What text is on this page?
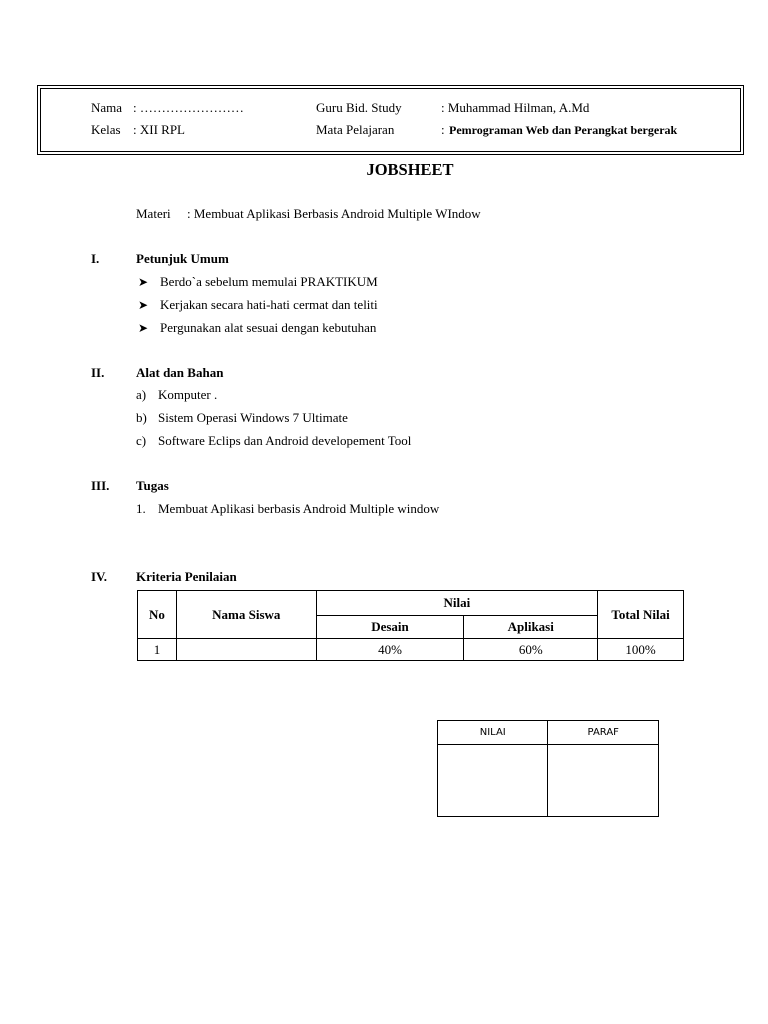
Nama : ……………………	Guru Bid. Study	: Muhammad Hilman, A.Md
Kelas : XII RPL	Mata Pelajaran	: Pemrograman Web dan Perangkat bergerak
JOBSHEET
Materi : Membuat Aplikasi Berbasis Android Multiple WIndow
I.	Petunjuk Umum
➤ Berdo`a sebelum memulai PRAKTIKUM
➤ Kerjakan secara hati-hati cermat dan teliti
➤ Pergunakan alat sesuai dengan kebutuhan
II. Alat dan Bahan
a) Komputer .
b) Sistem Operasi Windows 7 Ultimate
c) Software Eclips dan Android developement Tool
III. Tugas
1. Membuat Aplikasi berbasis Android Multiple window
IV. Kriteria Penilaian
No	Nama Siswa	Nilai		Total Nilai
		Desain	Aplikasi	
1		40%	60%	100%
NILAI	PARAF
